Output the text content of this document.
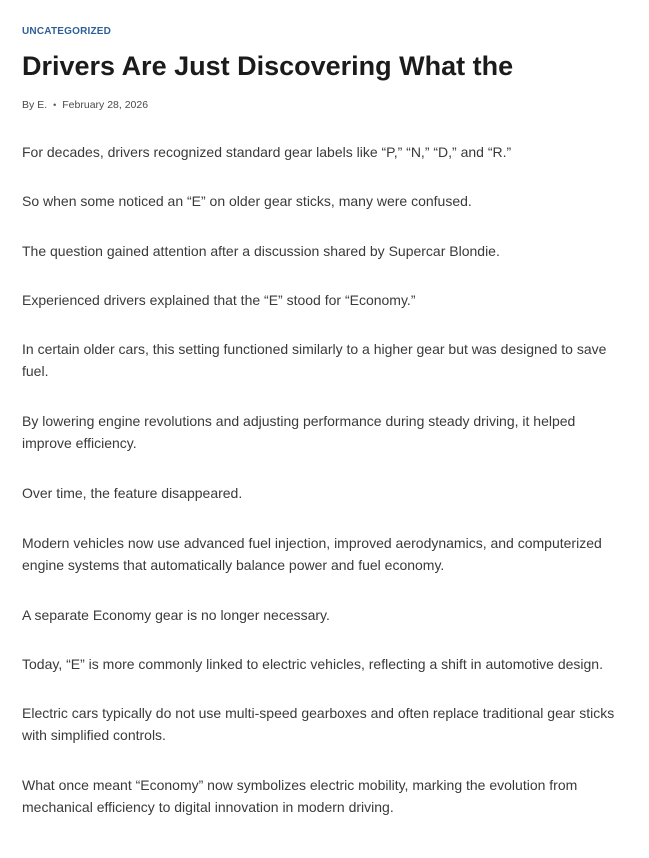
UNCATEGORIZED
Drivers Are Just Discovering What the
By
E. • February 28, 2026

For decades, drivers recognized standard gear labels like “P,” “N,” “D,” and “R.”

So when some noticed an “E” on older gear sticks, many were confused.

The question gained attention after a discussion shared by Supercar Blondie.

Experienced drivers explained that the “E” stood for “Economy.”

In certain older cars, this setting functioned similarly to a higher gear but was designed to save fuel.

By lowering engine revolutions and adjusting performance during steady driving, it helped improve efficiency.

Over time, the feature disappeared.

Modern vehicles now use advanced fuel injection, improved aerodynamics, and computerized engine systems that automatically balance power and fuel economy.

A separate Economy gear is no longer necessary.

Today, “E” is more commonly linked to electric vehicles, reflecting a shift in automotive design.

Electric cars typically do not use multi-speed gearboxes and often replace traditional gear sticks with simplified controls.

What once meant “Economy” now symbolizes electric mobility, marking the evolution from mechanical efficiency to digital innovation in modern driving.
